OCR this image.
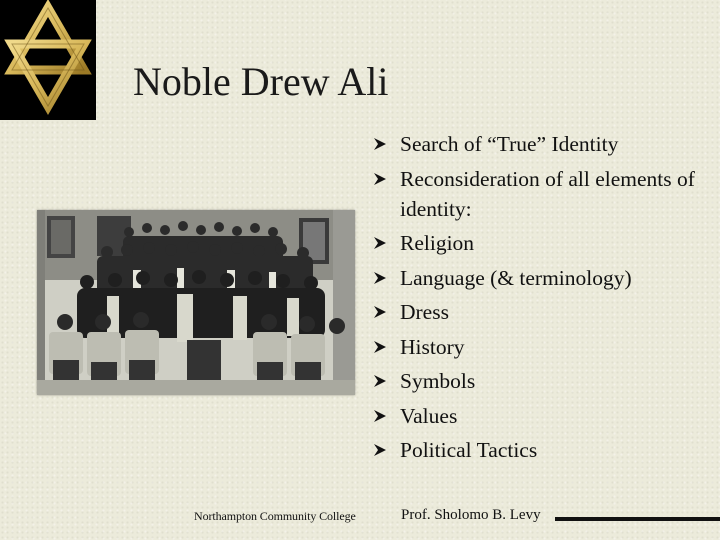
Noble Drew Ali
Search of “True” Identity
Reconsideration of all elements of identity:
Religion
Language (& terminology)
Dress
History
Symbols
Values
Political Tactics
Northampton Community College	Prof. Sholomo B. Levy
